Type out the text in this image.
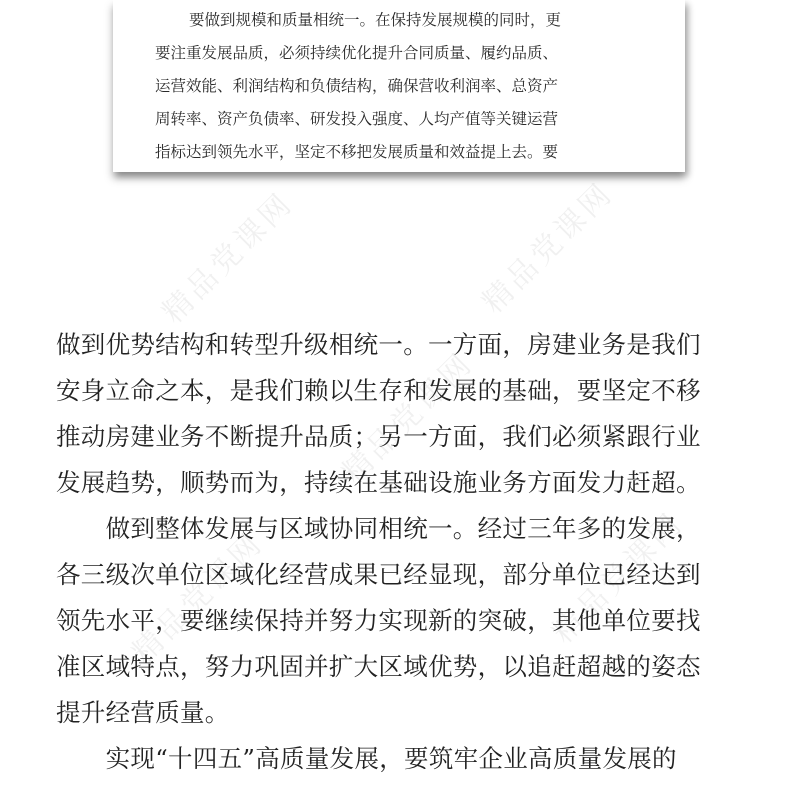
精品党课网	精品党课网
精品党课网
精品党课网	精品党课网

要做到规模和质量相统一。在保持发展规模的同时，更

要注重发展品质，必须持续优化提升合同质量、履约品质、

运营效能、利润结构和负债结构，确保营收利润率、总资产

周转率、资产负债率、研发投入强度、人均产值等关键运营

指标达到领先水平，坚定不移把发展质量和效益提上去。要

做到优势结构和转型升级相统一。一方面，房建业务是我们

安身立命之本，是我们赖以生存和发展的基础，要坚定不移

推动房建业务不断提升品质；另一方面，我们必须紧跟行业

发展趋势，顺势而为，持续在基础设施业务方面发力赶超。

　　做到整体发展与区域协同相统一。经过三年多的发展，

各三级次单位区域化经营成果已经显现，部分单位已经达到

领先水平，要继续保持并努力实现新的突破，其他单位要找

准区域特点，努力巩固并扩大区域优势，以追赶超越的姿态

提升经营质量。

　　实现“十四五”高质量发展，要筑牢企业高质量发展的
